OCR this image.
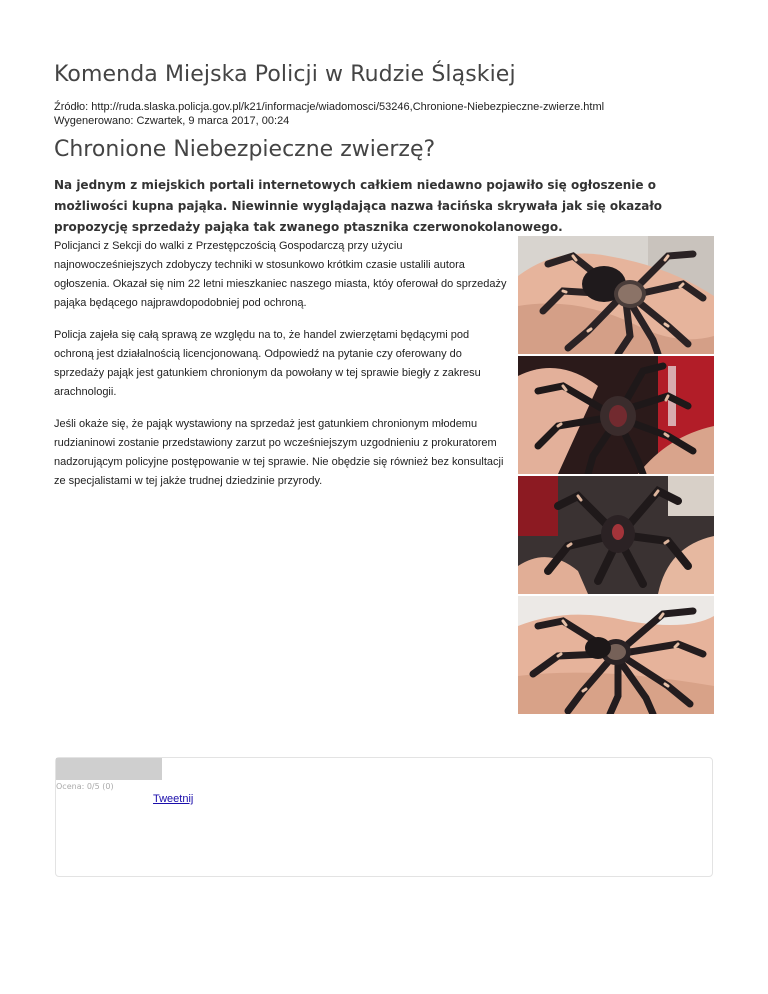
Komenda Miejska Policji w Rudzie Śląskiej
Źródło: http://ruda.slaska.policja.gov.pl/k21/informacje/wiadomosci/53246,Chronione-Niebezpieczne-zwierze.html
Wygenerowano: Czwartek, 9 marca 2017, 00:24
Chronione Niebezpieczne zwierzę?
Na jednym z miejskich portali internetowych całkiem niedawno pojawiło się ogłoszenie o możliwości kupna pająka. Niewinnie wyglądająca nazwa łacińska skrywała jak się okazało propozycję sprzedaży pająka tak zwanego ptasznika czerwonokolanowego.

Policjanci z Sekcji do walki z Przestępczością Gospodarczą przy użyciu najnowocześniejszych zdobyczy techniki w stosunkowo krótkim czasie ustalili autora ogłoszenia. Okazał się nim 22 letni mieszkaniec naszego miasta, któy oferował do sprzedaży pająka będącego najprawdopodobniej pod ochroną.

Policja zajeła się całą sprawą ze względu na to, że handel zwierzętami będącymi pod ochroną jest działalnością licencjonowaną. Odpowiedź na pytanie czy oferowany do sprzedaży pająk jest gatunkiem chronionym da powołany w tej sprawie biegły z zakresu arachnologii.

Jeśli okaże się, że pająk wystawiony na sprzedaż jest gatunkiem chronionym młodemu rudzianinowi zostanie przedstawiony zarzut po wcześniejszym uzgodnieniu z prokuratorem nadzorującym policyjne postępowanie w tej sprawie. Nie obędzie się również bez konsultacji ze specjalistami w tej jakże trudnej dziedzinie przyrody.

Ocena: 0/5 (0)
Tweetnij
